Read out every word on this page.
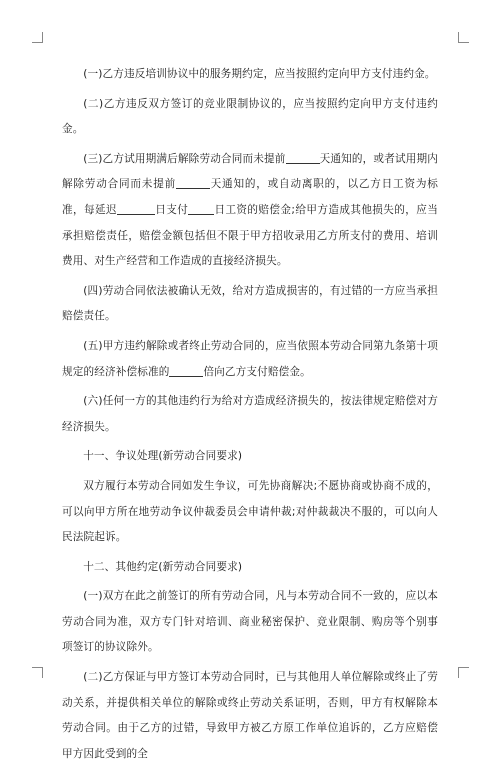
(一)乙方违反培训协议中的服务期约定，应当按照约定向甲方支付违约金。

(二)乙方违反双方签订的竞业限制协议的，应当按照约定向甲方支付违约金。

(三)乙方试用期满后解除劳动合同而未提前	天通知的，或者试用期内解除劳动合同而未提前	天通知的，或自动离职的，以乙方日工资为标准，每延迟	日支付 日工资的赔偿金;给甲方造成其他损失的，应当承担赔偿责任，赔偿金额包括但不限于甲方招收录用乙方所支付的费用、培训费用、对生产经营和工作造成的直接经济损失。

(四)劳动合同依法被确认无效，给对方造成损害的，有过错的一方应当承担赔偿责任。

(五)甲方违约解除或者终止劳动合同的，应当依照本劳动合同第九条第十项规定的经济补偿标准的	倍向乙方支付赔偿金。

(六)任何一方的其他违约行为给对方造成经济损失的，按法律规定赔偿对方经济损失。

十一、争议处理(新劳动合同要求)

双方履行本劳动合同如发生争议，可先协商解决;不愿协商或协商不成的，可以向甲方所在地劳动争议仲裁委员会申请仲裁;对仲裁裁决不服的，可以向人民法院起诉。

十二、其他约定(新劳动合同要求)

(一)双方在此之前签订的所有劳动合同，凡与本劳动合同不一致的，应以本劳动合同为准，双方专门针对培训、商业秘密保护、竞业限制、购房等个别事项签订的协议除外。

(二)乙方保证与甲方签订本劳动合同时，已与其他用人单位解除或终止了劳动关系，并提供相关单位的解除或终止劳动关系证明，否则，甲方有权解除本劳动合同。由于乙方的过错，导致甲方被乙方原工作单位追诉的，乙方应赔偿甲方因此受到的全
